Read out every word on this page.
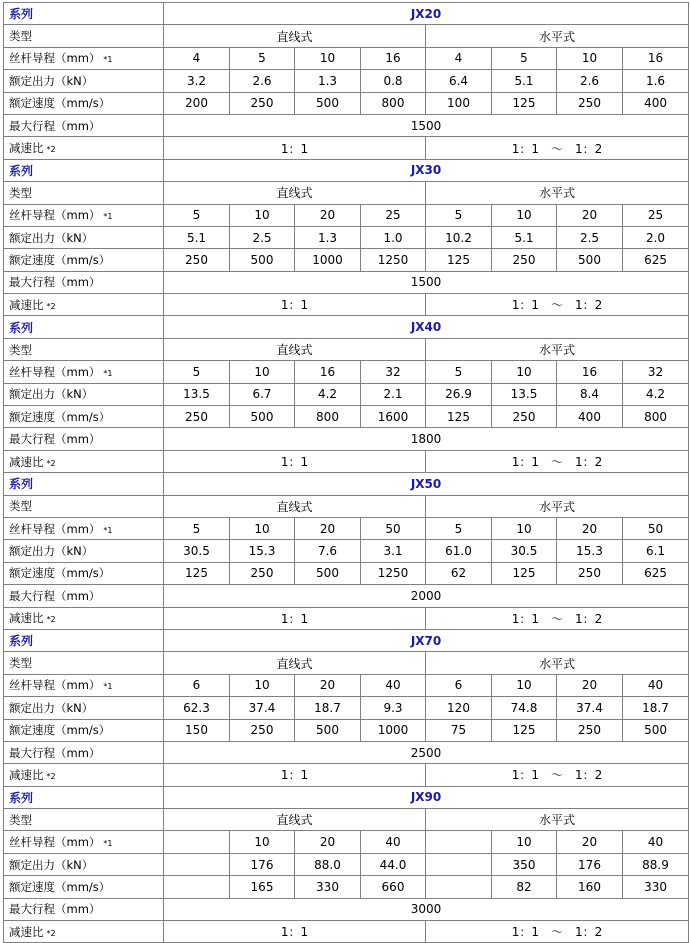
系列	JX20							
类型	直线式				水平式			
丝杆导程（mm） *1	4	5	10	16	4	5	10	16
额定出力（kN）	3.2	2.6	1.3	0.8	6.4	5.1	2.6	1.6
额定速度（mm/s）	200	250	500	800	100	125	250	400
最大行程（mm）	1500							
减速比 *2	1：1				1：1　～　1：2			
系列	JX30							
类型	直线式				水平式			
丝杆导程（mm） *1	5	10	20	25	5	10	20	25
额定出力（kN）	5.1	2.5	1.3	1.0	10.2	5.1	2.5	2.0
额定速度（mm/s）	250	500	1000	1250	125	250	500	625
最大行程（mm）	1500							
减速比 *2	1：1				1：1　～　1：2			
系列	JX40							
类型	直线式				水平式			
丝杆导程（mm） *1	5	10	16	32	5	10	16	32
额定出力（kN）	13.5	6.7	4.2	2.1	26.9	13.5	8.4	4.2
额定速度（mm/s）	250	500	800	1600	125	250	400	800
最大行程（mm）	1800							
减速比 *2	1：1				1：1　～　1：2			
系列	JX50							
类型	直线式				水平式			
丝杆导程（mm） *1	5	10	20	50	5	10	20	50
额定出力（kN）	30.5	15.3	7.6	3.1	61.0	30.5	15.3	6.1
额定速度（mm/s）	125	250	500	1250	62	125	250	625
最大行程（mm）	2000							
减速比 *2	1：1				1：1　～　1：2			
系列	JX70							
类型	直线式				水平式			
丝杆导程（mm） *1	6	10	20	40	6	10	20	40
额定出力（kN）	62.3	37.4	18.7	9.3	120	74.8	37.4	18.7
额定速度（mm/s）	150	250	500	1000	75	125	250	500
最大行程（mm）	2500							
减速比 *2	1：1				1：1　～　1：2			
系列	JX90							
类型	直线式				水平式			
丝杆导程（mm） *1		10	20	40		10	20	40
额定出力（kN）		176	88.0	44.0		350	176	88.9
额定速度（mm/s）		165	330	660		82	160	330
最大行程（mm）	3000							
减速比 *2	1：1				1：1　～　1：2			
